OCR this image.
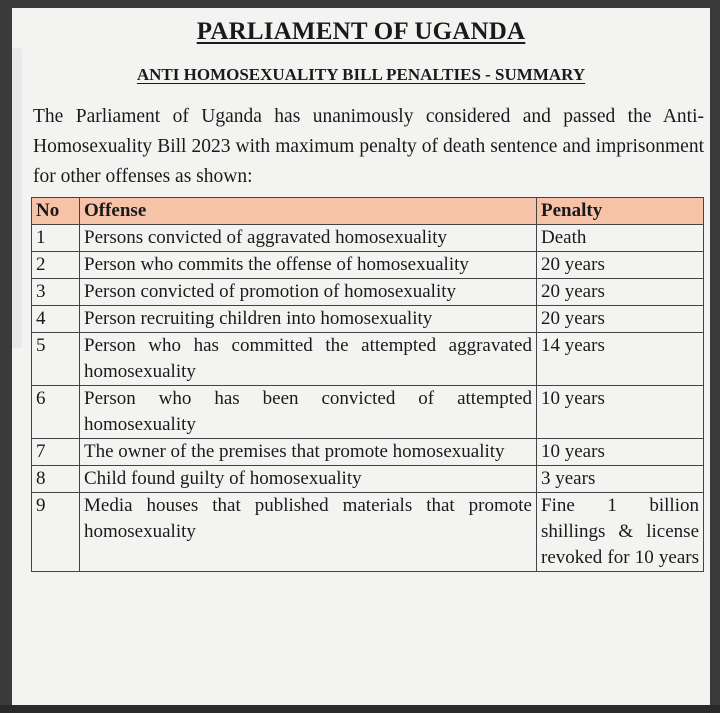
PARLIAMENT OF UGANDA
ANTI HOMOSEXUALITY BILL PENALTIES - SUMMARY
The Parliament of Uganda has unanimously considered and passed the Anti-Homosexuality Bill 2023 with maximum penalty of death sentence and imprisonment for other offenses as shown:
No	Offense	Penalty
1	Persons convicted of aggravated homosexuality	Death
2	Person who commits the offense of homosexuality	20 years
3	Person convicted of promotion of homosexuality	20 years
4	Person recruiting children into homosexuality	20 years
5	Person who has committed the attempted aggravated homosexuality	14 years
6	Person who has been convicted of attempted homosexuality	10 years
7	The owner of the premises that promote homosexuality	10 years
8	Child found guilty of homosexuality	3 years
9	Media houses that published materials that promote homosexuality	Fine 1 billion shillings & license revoked for 10 years
